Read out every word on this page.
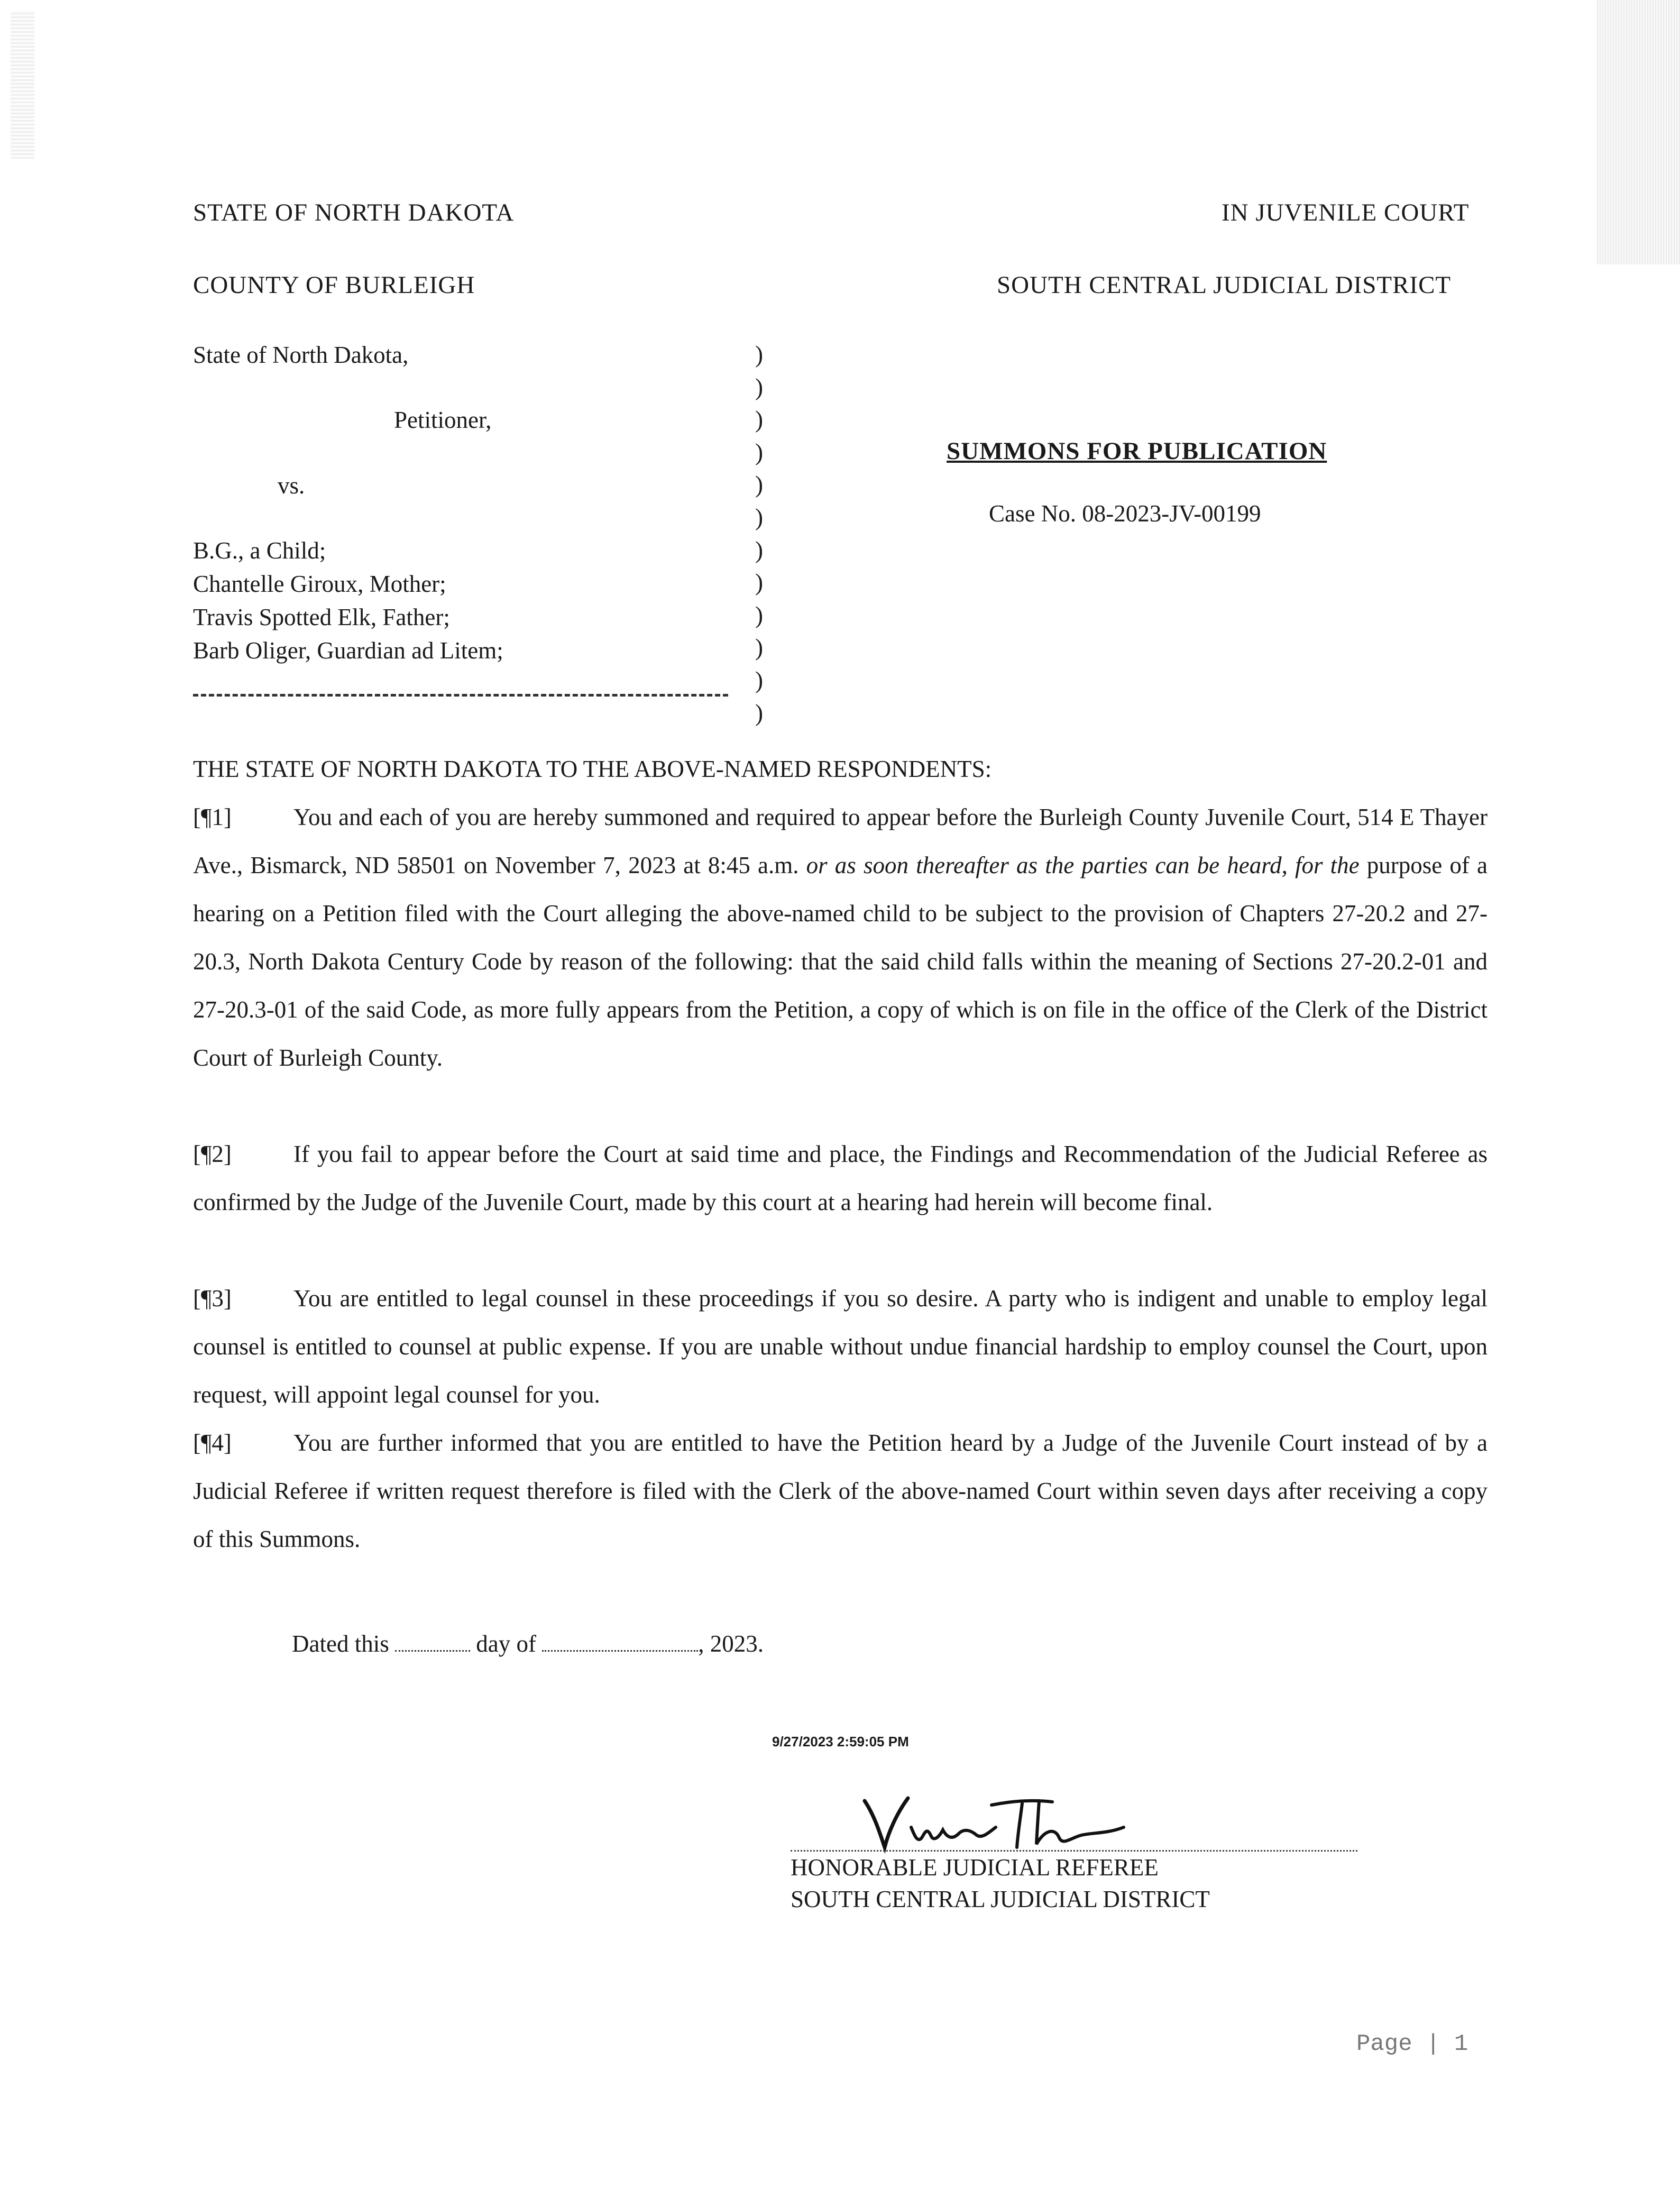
STATE OF NORTH DAKOTA	IN JUVENILE COURT
COUNTY OF BURLEIGH	SOUTH CENTRAL JUDICIAL DISTRICT
State of North Dakota,
Petitioner,
vs.
B.G., a Child;
Chantelle Giroux, Mother;
Travis Spotted Elk, Father;
Barb Oliger, Guardian ad Litem;
)
)
)
)
)
)
)
)
)
)
)
)
SUMMONS FOR PUBLICATION
Case No. 08-2023-JV-00199
THE STATE OF NORTH DAKOTA TO THE ABOVE-NAMED RESPONDENTS:
[¶1]	You and each of you are hereby summoned and required to appear before the Burleigh County Juvenile Court, 514 E Thayer Ave., Bismarck, ND 58501 on November 7, 2023 at 8:45 a.m. or as soon thereafter as the parties can be heard, for the purpose of a hearing on a Petition filed with the Court alleging the above-named child to be subject to the provision of Chapters 27-20.2 and 27-20.3, North Dakota Century Code by reason of the following: that the said child falls within the meaning of Sections 27-20.2-01 and 27-20.3-01 of the said Code, as more fully appears from the Petition, a copy of which is on file in the office of the Clerk of the District Court of Burleigh County.
[¶2]	If you fail to appear before the Court at said time and place, the Findings and Recommendation of the Judicial Referee as confirmed by the Judge of the Juvenile Court, made by this court at a hearing had herein will become final.
[¶3]	You are entitled to legal counsel in these proceedings if you so desire. A party who is indigent and unable to employ legal counsel is entitled to counsel at public expense. If you are unable without undue financial hardship to employ counsel the Court, upon request, will appoint legal counsel for you.
[¶4]	You are further informed that you are entitled to have the Petition heard by a Judge of the Juvenile Court instead of by a Judicial Referee if written request therefore is filed with the Clerk of the above-named Court within seven days after receiving a copy of this Summons.
Dated this	day of	, 2023.
9/27/2023 2:59:05 PM
Vinze Th
HONORABLE JUDICIAL REFEREE
SOUTH CENTRAL JUDICIAL DISTRICT
Page | 1
